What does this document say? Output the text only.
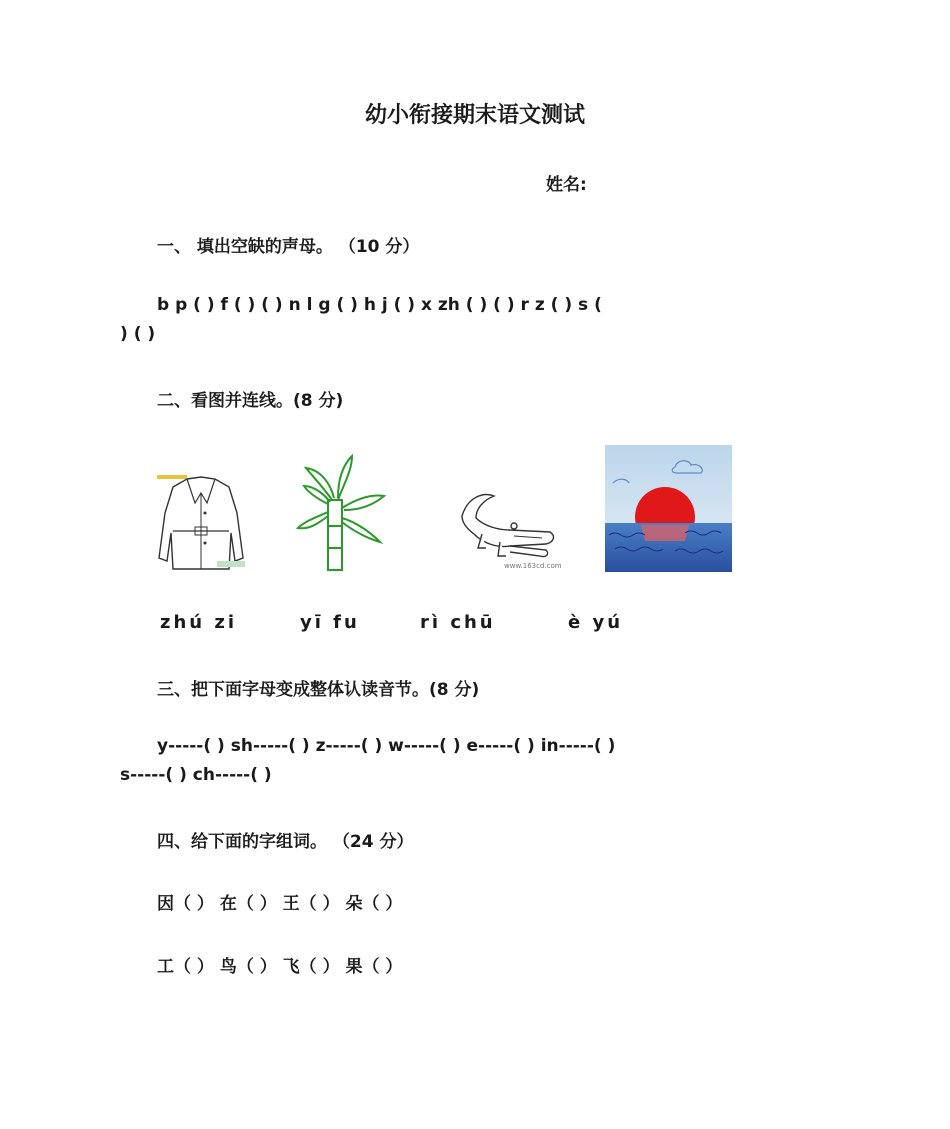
幼小衔接期末语文测试
姓名:
一、 填出空缺的声母。 （10 分）
b p ( ) f ( ) ( ) n l g ( ) h j ( ) x zh ( ) ( ) r z ( ) s (
) ( )
二、看图并连线。(8 分)
www.163cd.com
zhú zi	yī fu	rì chū	è yú
三、把下面字母变成整体认读音节。(8 分)
y-----( ) sh-----( ) z-----( ) w-----( ) e-----( ) in-----( )
s-----( ) ch-----( )
四、给下面的字组词。 （24 分）
因（ ） 在（ ） 王（ ） 朵（ ）
工（ ） 鸟（ ） 飞（ ） 果（ ）
